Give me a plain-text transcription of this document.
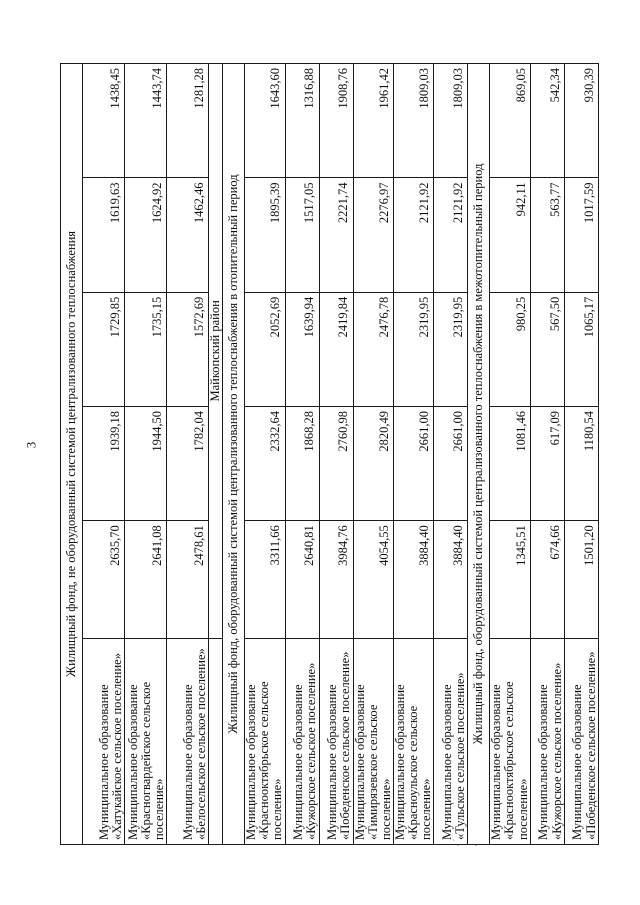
3 Жилищный фонд, не оборудованный системой централизованного теплоснабжения					
Муниципальное образование «Хатукайское сельское поселение»	2635,70	1939,18	1729,85	1619,63	1438,45
Муниципальное образование «Красногвардейское сельское поселение»	2641,08	1944,50	1735,15	1624,92	1443,74
Муниципальное образование «Белосельское сельское поселение»	2478,61	1782,04	1572,69	1462,46	1281,28
	Майкопский район				
Жилищный фонд, оборудованный системой централизованного теплоснабжения в отопительный период					
Муниципальное образование «Краснооктябрьское сельское поселение»	3311,66	2332,64	2052,69	1895,39	1643,60
Муниципальное образование «Кужорское сельское поселение»	2640,81	1868,28	1639,94	1517,05	1316,88
Муниципальное образование «Победенское сельское поселение»	3984,76	2760,98	2419,84	2221,74	1908,76
Муниципальное образование «Тимирязевское сельское поселение»	4054,55	2820,49	2476,78	2276,97	1961,42
Муниципальное образование «Красноульское сельское поселение»	3884,40	2661,00	2319,95	2121,92	1809,03
Муниципальное образование «Тульское сельское поселение»	3884,40	2661,00	2319,95	2121,92	1809,03
Жилищный фонд, оборудованный системой централизованного теплоснабжения в межотопительный период					
Муниципальное образование «Краснооктябрьское сельское поселение»	1345,51	1081,46	980,25	942,11	869,05
Муниципальное образование «Кужорское сельское поселение»	674,66	617,09	567,50	563,77	542,34
Муниципальное образование «Победенское сельское поселение»	1501,20	1180,54	1065,17	1017,59	930,39
`. · .
